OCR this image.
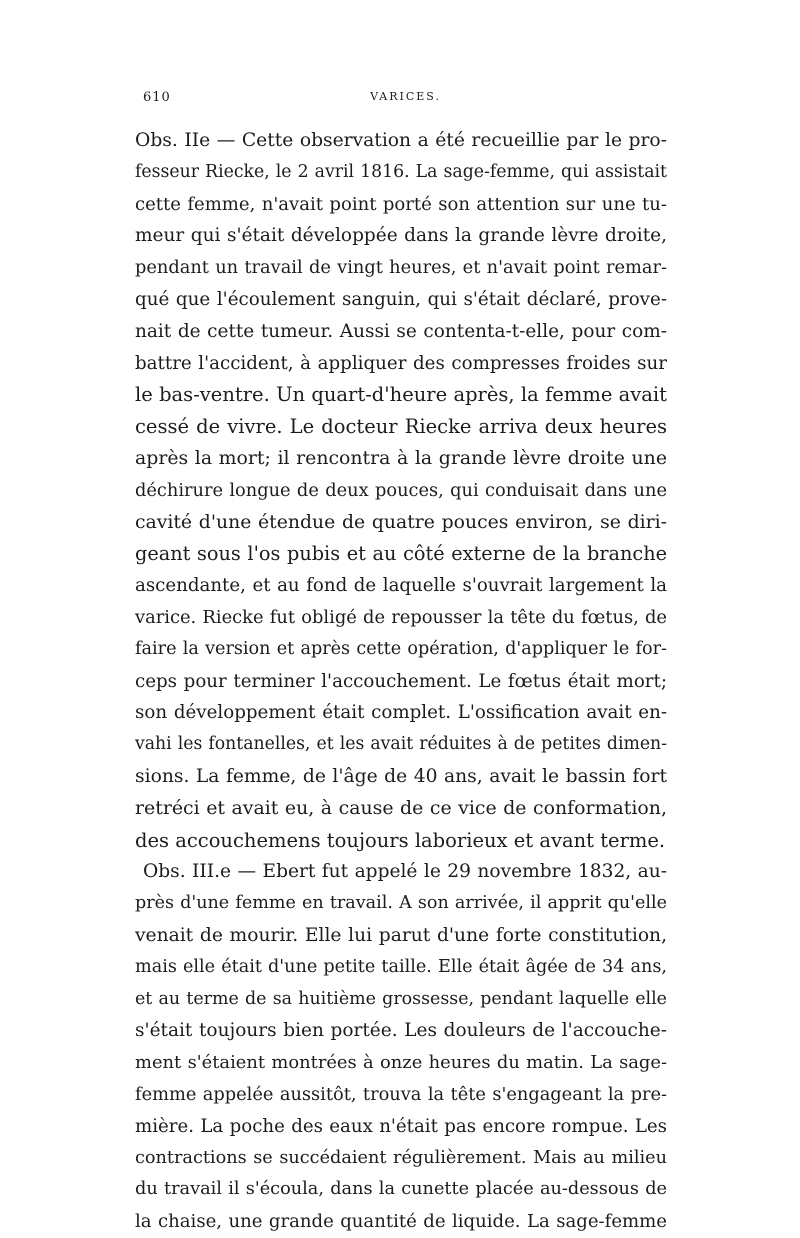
610	VARICES.
Obs. IIe — Cette observation a été recueillie par le pro-
fesseur Riecke, le 2 avril 1816. La sage-femme, qui assistait
cette femme, n'avait point porté son attention sur une tu-
meur qui s'était développée dans la grande lèvre droite,
pendant un travail de vingt heures, et n'avait point remar-
qué que l'écoulement sanguin, qui s'était déclaré, prove-
nait de cette tumeur. Aussi se contenta-t-elle, pour com-
battre l'accident, à appliquer des compresses froides sur
le bas-ventre. Un quart-d'heure après, la femme avait
cessé de vivre. Le docteur Riecke arriva deux heures
après la mort; il rencontra à la grande lèvre droite une
déchirure longue de deux pouces, qui conduisait dans une
cavité d'une étendue de quatre pouces environ, se diri-
geant sous l'os pubis et au côté externe de la branche
ascendante, et au fond de laquelle s'ouvrait largement la
varice. Riecke fut obligé de repousser la tête du fœtus, de
faire la version et après cette opération, d'appliquer le for-
ceps pour terminer l'accouchement. Le fœtus était mort;
son développement était complet. L'ossification avait en-
vahi les fontanelles, et les avait réduites à de petites dimen-
sions. La femme, de l'âge de 40 ans, avait le bassin fort
retréci et avait eu, à cause de ce vice de conformation,
des accouchemens toujours laborieux et avant terme.
Obs. III.e — Ebert fut appelé le 29 novembre 1832, au-
près d'une femme en travail. A son arrivée, il apprit qu'elle
venait de mourir. Elle lui parut d'une forte constitution,
mais elle était d'une petite taille. Elle était âgée de 34 ans,
et au terme de sa huitième grossesse, pendant laquelle elle
s'était toujours bien portée. Les douleurs de l'accouche-
ment s'étaient montrées à onze heures du matin. La sage-
femme appelée aussitôt, trouva la tête s'engageant la pre-
mière. La poche des eaux n'était pas encore rompue. Les
contractions se succédaient régulièrement. Mais au milieu
du travail il s'écoula, dans la cunette placée au-dessous de
la chaise, une grande quantité de liquide. La sage-femme
